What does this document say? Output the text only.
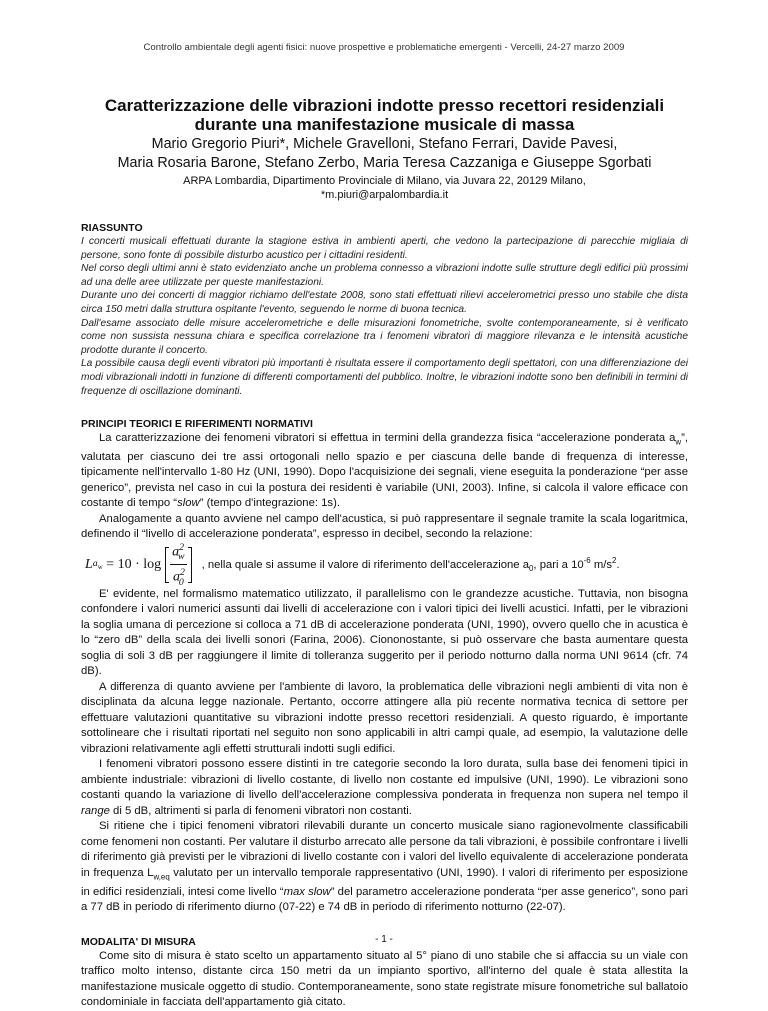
Controllo ambientale degli agenti fisici: nuove prospettive e problematiche emergenti - Vercelli, 24-27 marzo 2009
Caratterizzazione delle vibrazioni indotte presso recettori residenziali
durante una manifestazione musicale di massa
Mario Gregorio Piuri*, Michele Gravelloni, Stefano Ferrari, Davide Pavesi,
Maria Rosaria Barone, Stefano Zerbo, Maria Teresa Cazzaniga e Giuseppe Sgorbati
ARPA Lombardia, Dipartimento Provinciale di Milano, via Juvara 22, 20129 Milano,
*m.piuri@arpalombardia.it
RIASSUNTO

I concerti musicali effettuati durante la stagione estiva in ambienti aperti, che vedono la partecipazione di parecchie migliaia di persone, sono fonte di possibile disturbo acustico per i cittadini residenti.

Nel corso degli ultimi anni è stato evidenziato anche un problema connesso a vibrazioni indotte sulle strutture degli edifici più prossimi ad una delle aree utilizzate per queste manifestazioni.

Durante uno dei concerti di maggior richiamo dell'estate 2008, sono stati effettuati rilievi accelerometrici presso uno stabile che dista circa 150 metri dalla struttura ospitante l'evento, seguendo le norme di buona tecnica.

Dall'esame associato delle misure accelerometriche e delle misurazioni fonometriche, svolte contemporaneamente, si è verificato come non sussista nessuna chiara e specifica correlazione tra i fenomeni vibratori di maggiore rilevanza e le intensità acustiche prodotte durante il concerto.

La possibile causa degli eventi vibratori più importanti è risultata essere il comportamento degli spettatori, con una differenziazione dei modi vibrazionali indotti in funzione di differenti comportamenti del pubblico. Inoltre, le vibrazioni indotte sono ben definibili in termini di frequenze di oscillazione dominanti.

PRINCIPI TEORICI E RIFERIMENTI NORMATIVI

La caratterizzazione dei fenomeni vibratori si effettua in termini della grandezza fisica “accelerazione ponderata $a_w$”, valutata per ciascuno dei tre assi ortogonali nello spazio e per ciascuna delle bande di frequenza di interesse, tipicamente nell'intervallo 1-80 Hz (UNI, 1990). Dopo l'acquisizione dei segnali, viene eseguita la ponderazione “per asse generico”, prevista nel caso in cui la postura dei residenti è variabile (UNI, 2003). Infine, si calcola il valore efficace con costante di tempo “slow” (tempo d'integrazione: 1s).

Analogamente a quanto avviene nel campo dell'acustica, si può rappresentare il segnale tramite la scala logaritmica, definendo il “livello di accelerazione ponderata”, espresso in decibel, secondo la relazione:

L $a_w$
= $10 \cdot \log \frac{a^2_w}{a^2_0}$ , nella quale si assume il valore di riferimento dell'accelerazione $a_0$, pari a $10^{-6}$ $m/s^2$.

E' evidente, nel formalismo matematico utilizzato, il parallelismo con le grandezze acustiche. Tuttavia, non bisogna confondere i valori numerici assunti dai livelli di accelerazione con i valori tipici dei livelli acustici. Infatti, per le vibrazioni la soglia umana di percezione si colloca a 71 dB di accelerazione ponderata (UNI, 1990), ovvero quello che in acustica è lo “zero dB” della scala dei livelli sonori (Farina, 2006). Ciononostante, si può osservare che basta aumentare questa soglia di soli 3 dB per raggiungere il limite di tolleranza suggerito per il periodo notturno dalla norma UNI 9614 (cfr. 74 dB).

A differenza di quanto avviene per l'ambiente di lavoro, la problematica delle vibrazioni negli ambienti di vita non è disciplinata da alcuna legge nazionale. Pertanto, occorre attingere alla più recente normativa tecnica di settore per effettuare valutazioni quantitative su vibrazioni indotte presso recettori residenziali. A questo riguardo, è importante sottolineare che i risultati riportati nel seguito non sono applicabili in altri campi quale, ad esempio, la valutazione delle vibrazioni relativamente agli effetti strutturali indotti sugli edifici.

I fenomeni vibratori possono essere distinti in tre categorie secondo la loro durata, sulla base dei fenomeni tipici in ambiente industriale: vibrazioni di livello costante, di livello non costante ed impulsive (UNI, 1990). Le vibrazioni sono costanti quando la variazione di livello dell'accelerazione complessiva ponderata in frequenza non supera nel tempo il range di 5 dB, altrimenti si parla di fenomeni vibratori non costanti.

Si ritiene che i tipici fenomeni vibratori rilevabili durante un concerto musicale siano ragionevolmente classificabili come fenomeni non costanti. Per valutare il disturbo arrecato alle persone da tali vibrazioni, è possibile confrontare i livelli di riferimento già previsti per le vibrazioni di livello costante con i valori del livello equivalente di accelerazione ponderata in frequenza $L_{w,eq}$ valutato per un intervallo temporale rappresentativo (UNI, 1990). I valori di riferimento per esposizione in edifici residenziali, intesi come livello “max slow” del parametro accelerazione ponderata “per asse generico”, sono pari a 77 dB in periodo di riferimento diurno (07-22) e 74 dB in periodo di riferimento notturno (22-07).

MODALITA' DI MISURA

Come sito di misura è stato scelto un appartamento situato al 5° piano di uno stabile che si affaccia su un viale con traffico molto intenso, distante circa 150 metri da un impianto sportivo, all'interno del quale è stata allestita la manifestazione musicale oggetto di studio. Contemporaneamente, sono state registrate misure fonometriche sul ballatoio condominiale in facciata dell'appartamento già citato.

- 1 -
